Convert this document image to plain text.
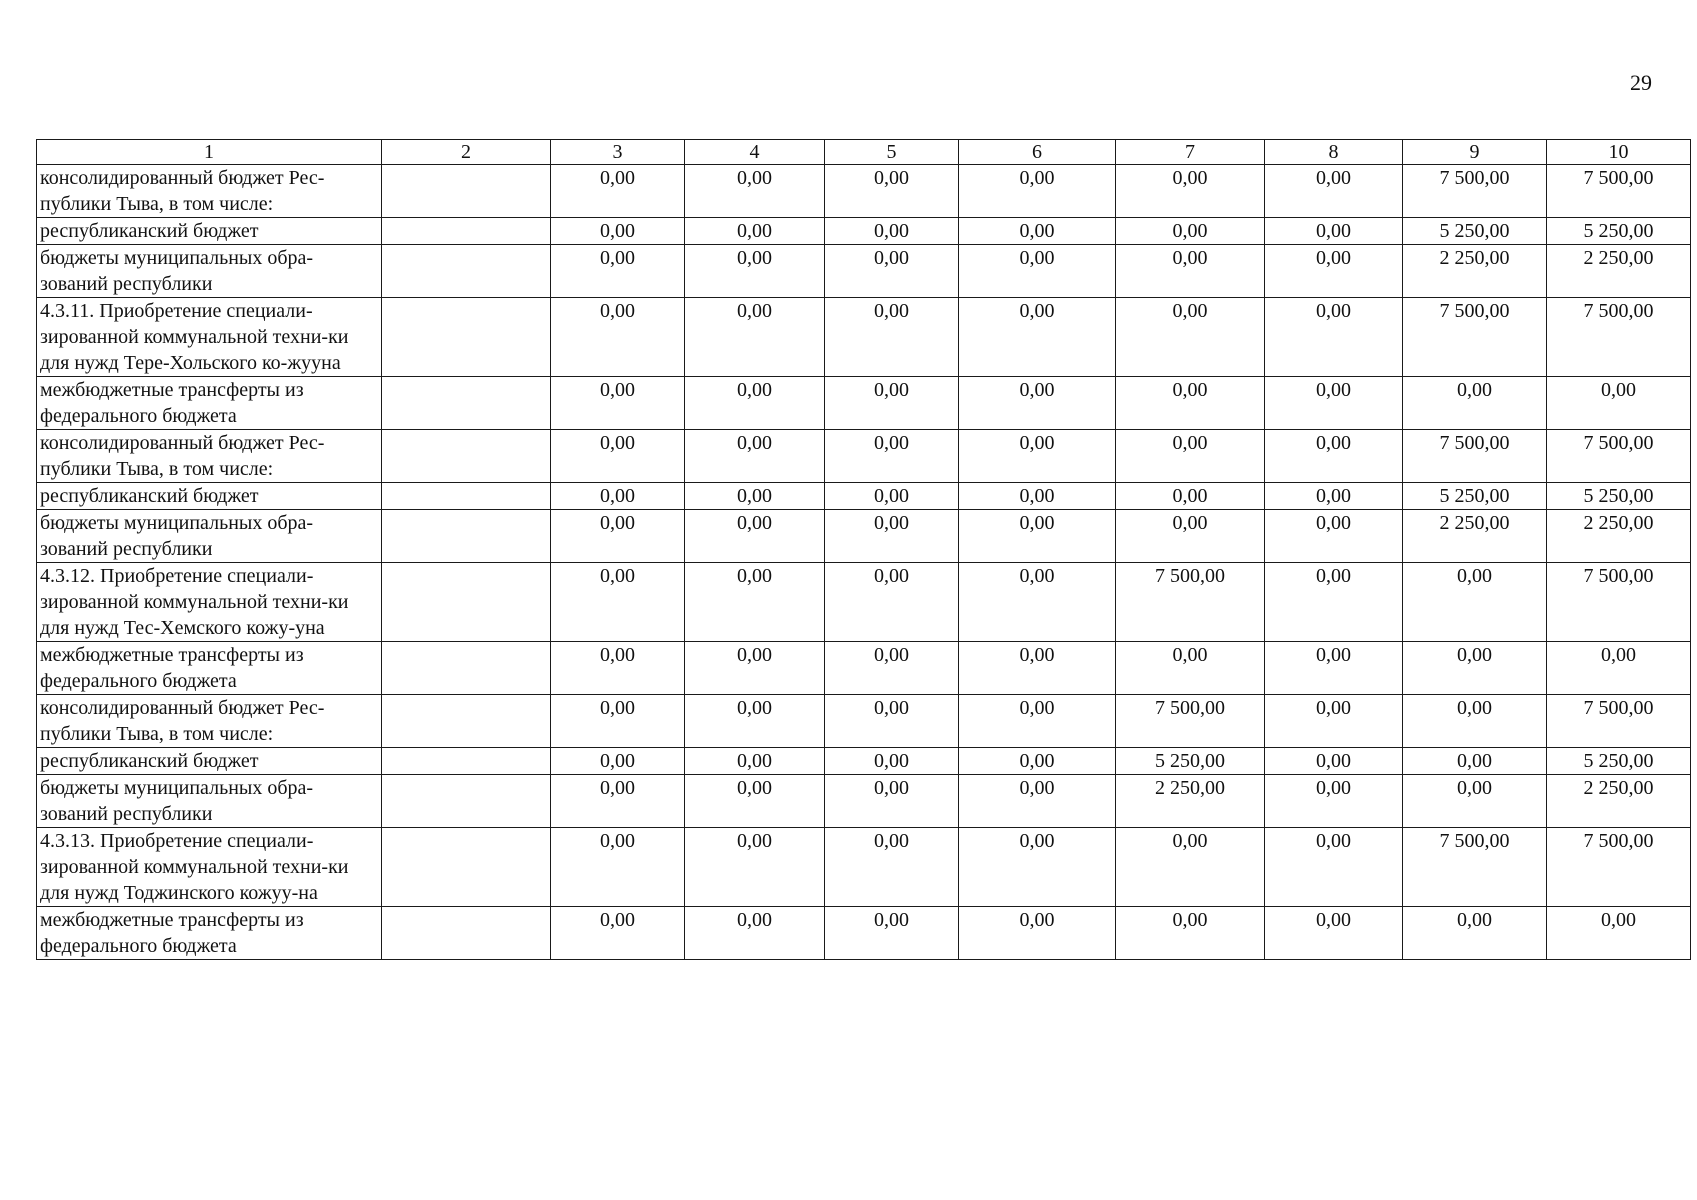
29
1	2	3	4	5	6	7	8	9	10
консолидированный бюджет Рес-публики Тыва, в том числе:		0,00	0,00	0,00	0,00	0,00	0,00	7 500,00	7 500,00
республиканский бюджет		0,00	0,00	0,00	0,00	0,00	0,00	5 250,00	5 250,00
бюджеты муниципальных обра-зований республики		0,00	0,00	0,00	0,00	0,00	0,00	2 250,00	2 250,00
4.3.11. Приобретение специали-зированной коммунальной техни-ки для нужд Тере-Хольского ко-жууна		0,00	0,00	0,00	0,00	0,00	0,00	7 500,00	7 500,00
межбюджетные трансферты из федерального бюджета		0,00	0,00	0,00	0,00	0,00	0,00	0,00	0,00
консолидированный бюджет Рес-публики Тыва, в том числе:		0,00	0,00	0,00	0,00	0,00	0,00	7 500,00	7 500,00
республиканский бюджет		0,00	0,00	0,00	0,00	0,00	0,00	5 250,00	5 250,00
бюджеты муниципальных обра-зований республики		0,00	0,00	0,00	0,00	0,00	0,00	2 250,00	2 250,00
4.3.12. Приобретение специали-зированной коммунальной техни-ки для нужд Тес-Хемского кожу-уна		0,00	0,00	0,00	0,00	7 500,00	0,00	0,00	7 500,00
межбюджетные трансферты из федерального бюджета		0,00	0,00	0,00	0,00	0,00	0,00	0,00	0,00
консолидированный бюджет Рес-публики Тыва, в том числе:		0,00	0,00	0,00	0,00	7 500,00	0,00	0,00	7 500,00
республиканский бюджет		0,00	0,00	0,00	0,00	5 250,00	0,00	0,00	5 250,00
бюджеты муниципальных обра-зований республики		0,00	0,00	0,00	0,00	2 250,00	0,00	0,00	2 250,00
4.3.13. Приобретение специали-зированной коммунальной техни-ки для нужд Тоджинского кожуу-на		0,00	0,00	0,00	0,00	0,00	0,00	7 500,00	7 500,00
межбюджетные трансферты из федерального бюджета		0,00	0,00	0,00	0,00	0,00	0,00	0,00	0,00
